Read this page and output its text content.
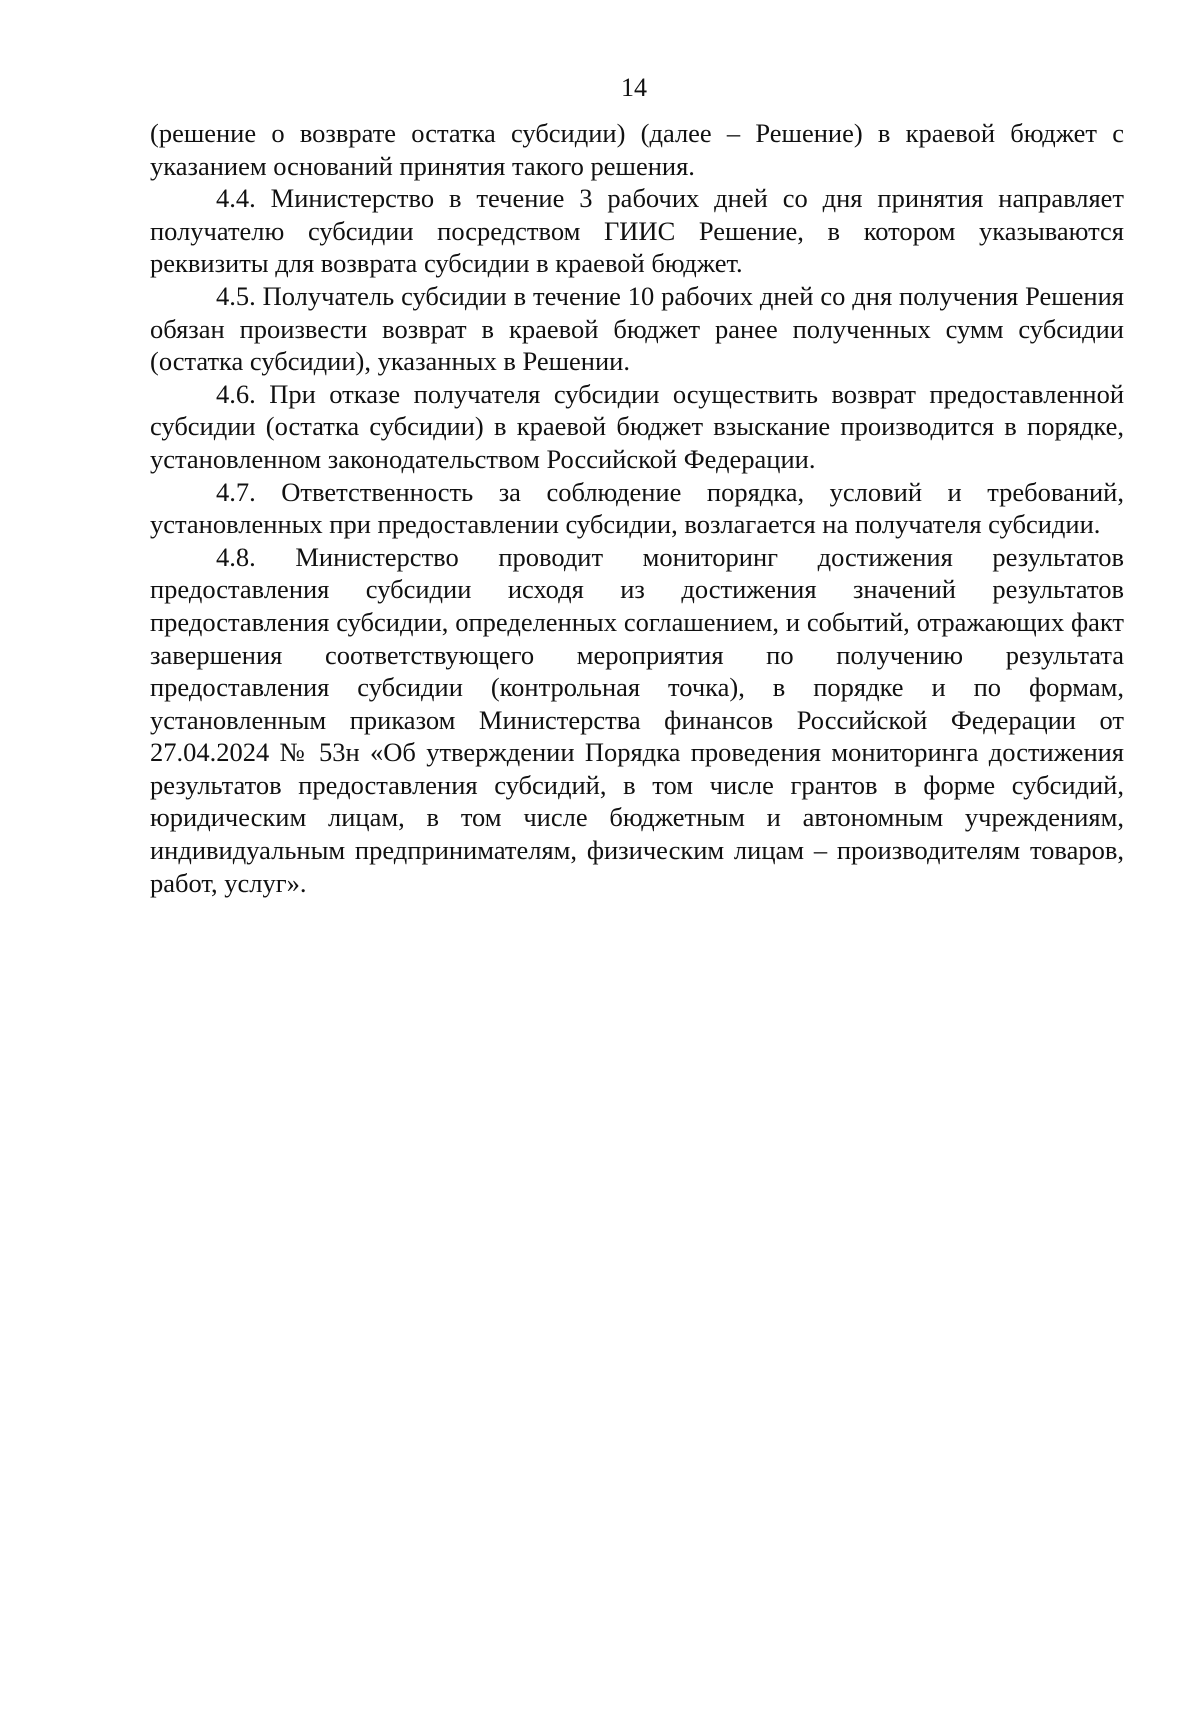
14

(решение о возврате остатка субсидии) (далее – Решение) в краевой бюджет с указанием оснований принятия такого решения.

4.4. Министерство в течение 3 рабочих дней со дня принятия направляет получателю субсидии посредством ГИИС Решение, в котором указываются реквизиты для возврата субсидии в краевой бюджет.

4.5. Получатель субсидии в течение 10 рабочих дней со дня получения Решения обязан произвести возврат в краевой бюджет ранее полученных сумм субсидии (остатка субсидии), указанных в Решении.

4.6. При отказе получателя субсидии осуществить возврат предоставленной субсидии (остатка субсидии) в краевой бюджет взыскание производится в порядке, установленном законодательством Российской Федерации.

4.7. Ответственность за соблюдение порядка, условий и требований, установленных при предоставлении субсидии, возлагается на получателя субсидии.

4.8. Министерство проводит мониторинг достижения результатов предоставления субсидии исходя из достижения значений результатов предоставления субсидии, определенных соглашением, и событий, отражающих факт завершения соответствующего мероприятия по получению результата предоставления субсидии (контрольная точка), в порядке и по формам, установленным приказом Министерства финансов Российской Федерации от 27.04.2024 № 53н «Об утверждении Порядка проведения мониторинга достижения результатов предоставления субсидий, в том числе грантов в форме субсидий, юридическим лицам, в том числе бюджетным и автономным учреждениям, индивидуальным предпринимателям, физическим лицам – производителям товаров, работ, услуг».
